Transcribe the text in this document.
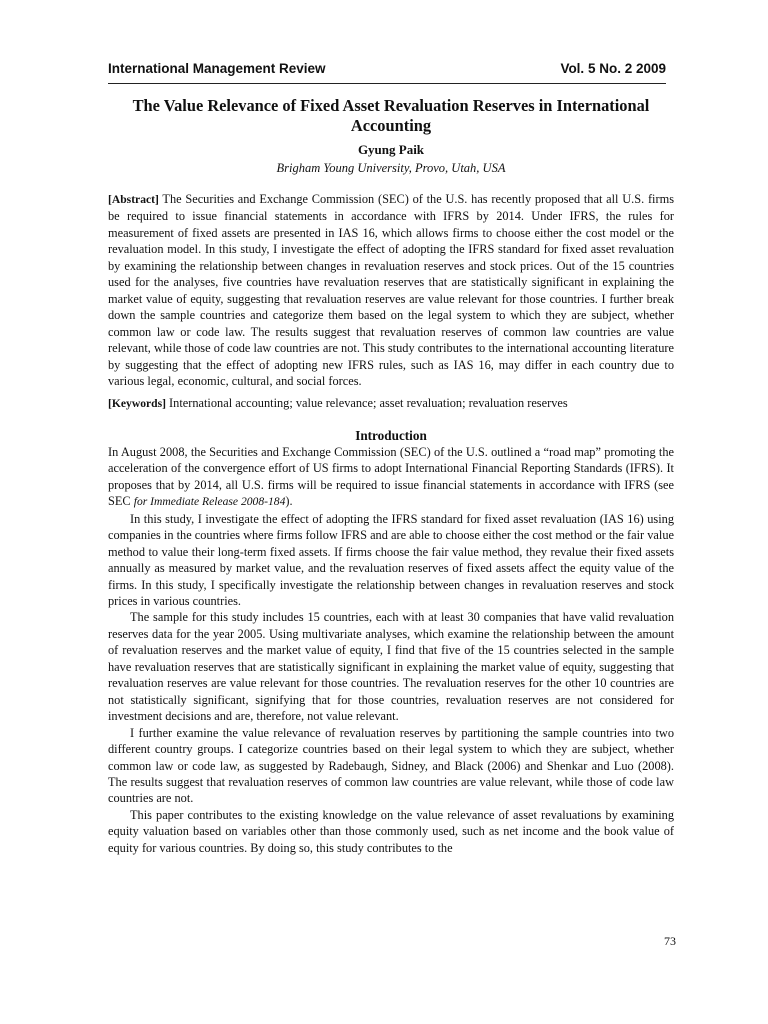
International Management Review	Vol. 5 No. 2 2009
The Value Relevance of Fixed Asset Revaluation Reserves in International Accounting

Gyung Paik

Brigham Young University, Provo, Utah, USA

[Abstract] The Securities and Exchange Commission (SEC) of the U.S. has recently proposed that all U.S. firms be required to issue financial statements in accordance with IFRS by 2014. Under IFRS, the rules for measurement of fixed assets are presented in IAS 16, which allows firms to choose either the cost model or the revaluation model. In this study, I investigate the effect of adopting the IFRS standard for fixed asset revaluation by examining the relationship between changes in revaluation reserves and stock prices. Out of the 15 countries used for the analyses, five countries have revaluation reserves that are statistically significant in explaining the market value of equity, suggesting that revaluation reserves are value relevant for those countries. I further break down the sample countries and categorize them based on the legal system to which they are subject, whether common law or code law. The results suggest that revaluation reserves of common law countries are value relevant, while those of code law countries are not. This study contributes to the international accounting literature by suggesting that the effect of adopting new IFRS rules, such as IAS 16, may differ in each country due to various legal, economic, cultural, and social forces.

[Keywords] International accounting; value relevance; asset revaluation; revaluation reserves

Introduction

In August 2008, the Securities and Exchange Commission (SEC) of the U.S. outlined a “road map” promoting the acceleration of the convergence effort of US firms to adopt International Financial Reporting Standards (IFRS). It proposes that by 2014, all U.S. firms will be required to issue financial statements in accordance with IFRS (see SEC for Immediate Release 2008-184).

In this study, I investigate the effect of adopting the IFRS standard for fixed asset revaluation (IAS 16) using companies in the countries where firms follow IFRS and are able to choose either the cost method or the fair value method to value their long-term fixed assets. If firms choose the fair value method, they revalue their fixed assets annually as measured by market value, and the revaluation reserves of fixed assets affect the equity value of the firms. In this study, I specifically investigate the relationship between changes in revaluation reserves and stock prices in various countries.

The sample for this study includes 15 countries, each with at least 30 companies that have valid revaluation reserves data for the year 2005. Using multivariate analyses, which examine the relationship between the amount of revaluation reserves and the market value of equity, I find that five of the 15 countries selected in the sample have revaluation reserves that are statistically significant in explaining the market value of equity, suggesting that revaluation reserves are value relevant for those countries. The revaluation reserves for the other 10 countries are not statistically significant, signifying that for those countries, revaluation reserves are not considered for investment decisions and are, therefore, not value relevant.

I further examine the value relevance of revaluation reserves by partitioning the sample countries into two different country groups. I categorize countries based on their legal system to which they are subject, whether common law or code law, as suggested by Radebaugh, Sidney, and Black (2006) and Shenkar and Luo (2008). The results suggest that revaluation reserves of common law countries are value relevant, while those of code law countries are not.

This paper contributes to the existing knowledge on the value relevance of asset revaluations by examining equity valuation based on variables other than those commonly used, such as net income and the book value of equity for various countries. By doing so, this study contributes to the

73
